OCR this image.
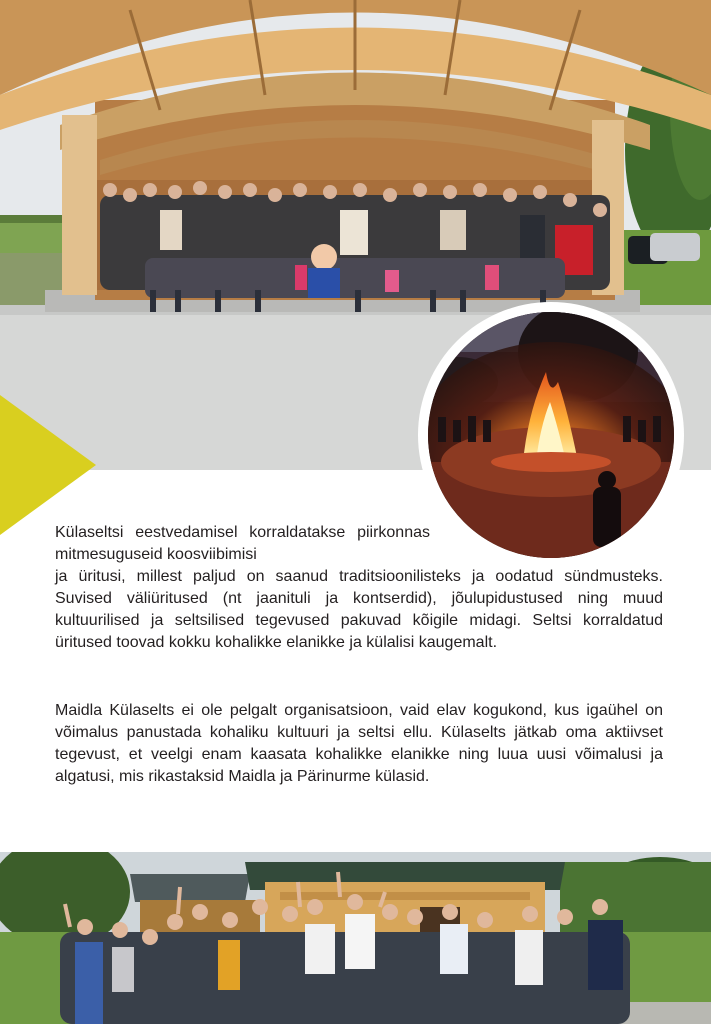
Külaseltsi eestvedamisel korraldatakse piirkonnas mitmesuguseid koosviibimisi

ja üritusi, millest paljud on saanud traditsioonilisteks ja oodatud sündmusteks. Suvised väliüritused (nt jaanituli ja kontserdid), jõulupidustused ning muud kultuurilised ja seltsilised tegevused pakuvad kõigile midagi. Seltsi korraldatud üritused toovad kokku kohalikke elanikke ja külalisi kaugemalt.

Maidla Külaselts ei ole pelgalt organisatsioon, vaid elav kogukond, kus igaühel on võimalus panustada kohaliku kultuuri ja seltsi ellu. Külaselts jätkab oma aktiivset tegevust, et veelgi enam kaasata kohalikke elanikke ning luua uusi võimalusi ja algatusi, mis rikastaksid Maidla ja Pärinurme külasid.
